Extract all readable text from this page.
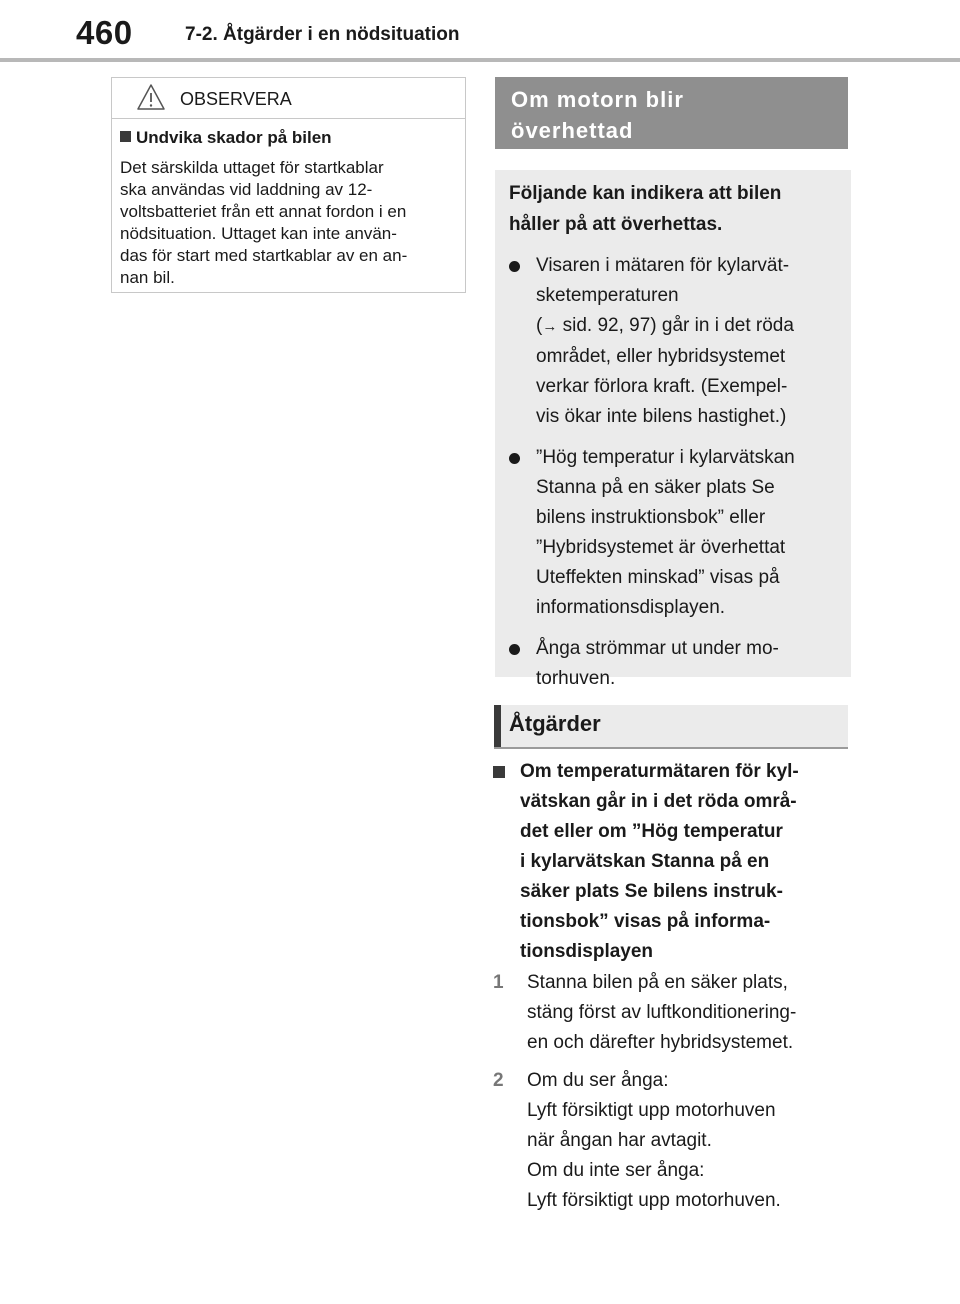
460	7-2. Åtgärder i en nödsituation
OBSERVERA
Undvika skador på bilen
Det särskilda uttaget för startkablar
ska användas vid laddning av 12-
voltsbatteriet från ett annat fordon i en
nödsituation. Uttaget kan inte använ-
das för start med startkablar av en an-
nan bil.
Om motorn blir
överhettad
Följande kan indikera att bilen
håller på att överhettas.
Visaren i mätaren för kylarvät-
sketemperaturen
(→ sid. 92, 97) går in i det röda
området, eller hybridsystemet
verkar förlora kraft. (Exempel-
vis ökar inte bilens hastighet.)
”Hög temperatur i kylarvätskan
Stanna på en säker plats Se
bilens instruktionsbok” eller
”Hybridsystemet är överhettat
Uteffekten minskad” visas på
informationsdisplayen.
Ånga strömmar ut under mo-
torhuven.
Åtgärder
Om temperaturmätaren för kyl-
vätskan går in i det röda områ-
det eller om ”Hög temperatur
i kylarvätskan Stanna på en
säker plats Se bilens instruk-
tionsbok” visas på informa-
tionsdisplayen
1 Stanna bilen på en säker plats,
stäng först av luftkonditionering-
en och därefter hybridsystemet.
2 Om du ser ånga:
Lyft försiktigt upp motorhuven
när ångan har avtagit.
Om du inte ser ånga:
Lyft försiktigt upp motorhuven.
